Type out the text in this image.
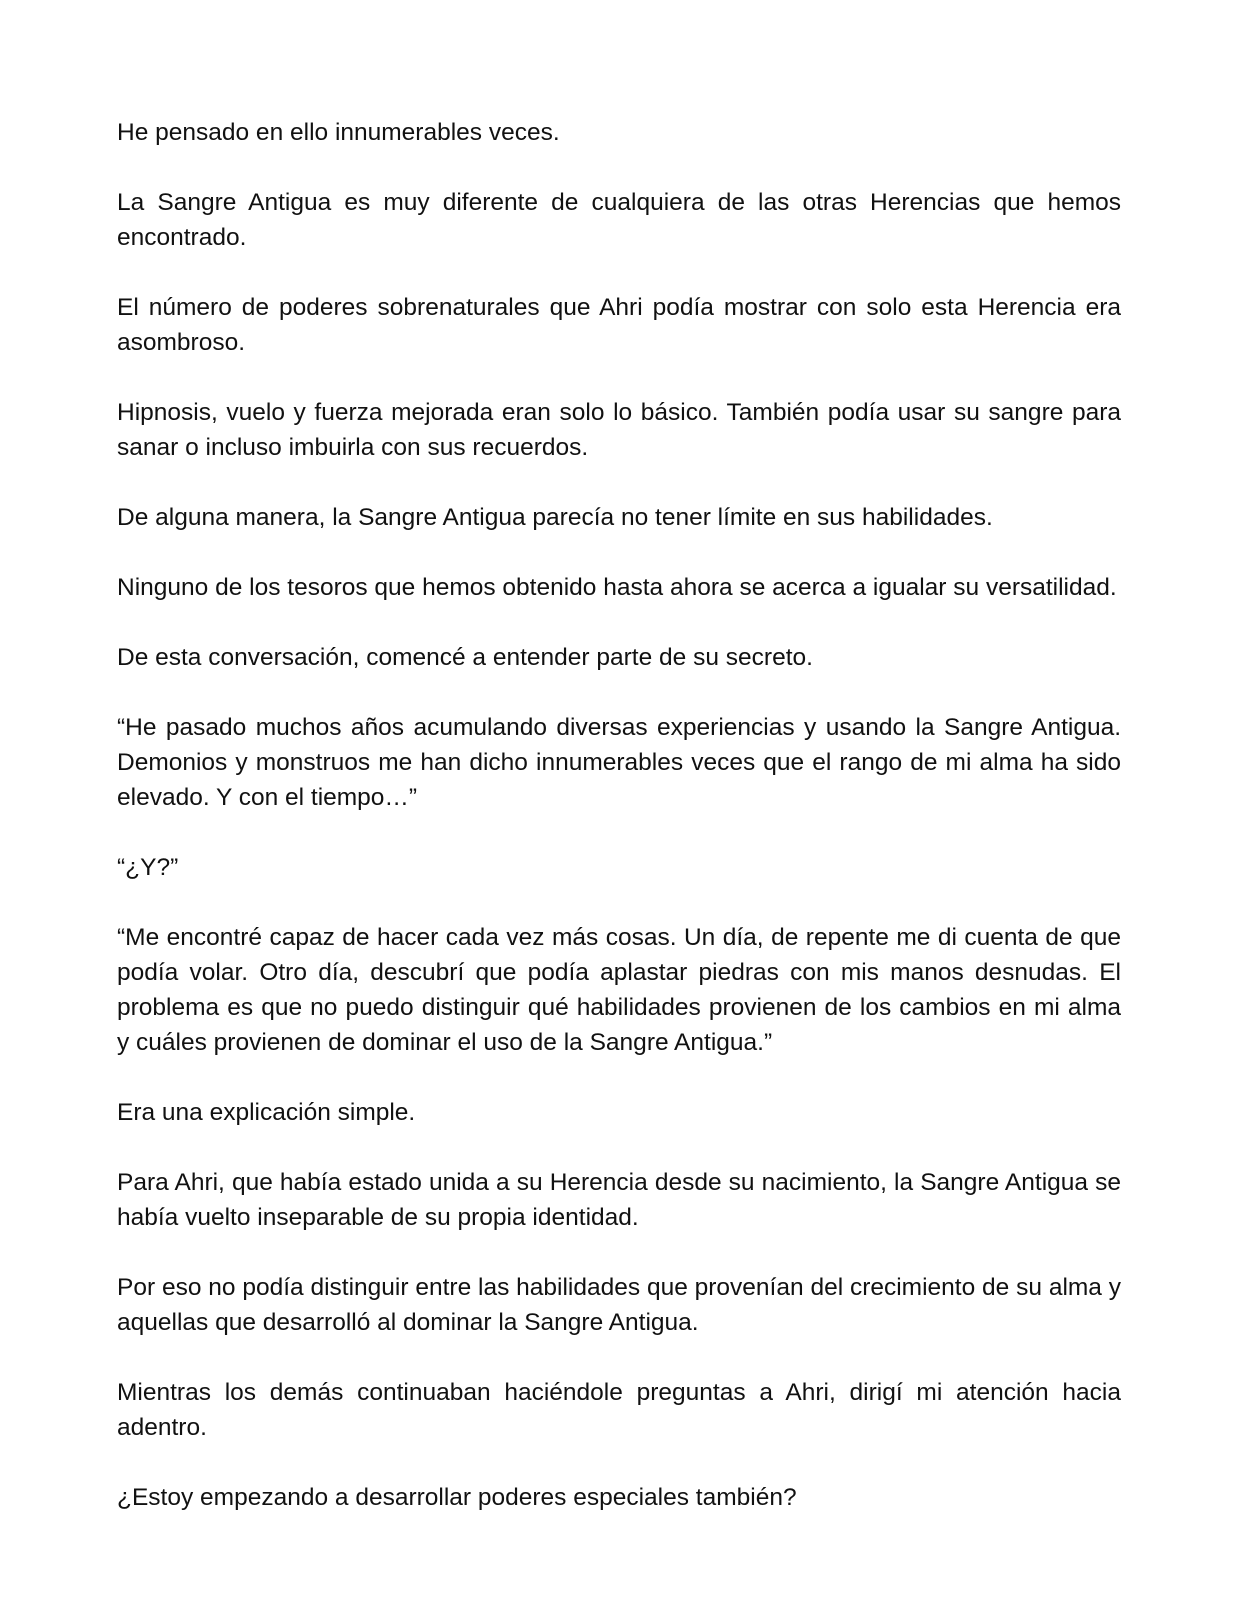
He pensado en ello innumerables veces.

La Sangre Antigua es muy diferente de cualquiera de las otras Herencias que hemos encontrado.

El número de poderes sobrenaturales que Ahri podía mostrar con solo esta Herencia era asombroso.

Hipnosis, vuelo y fuerza mejorada eran solo lo básico. También podía usar su sangre para sanar o incluso imbuirla con sus recuerdos.

De alguna manera, la Sangre Antigua parecía no tener límite en sus habilidades.

Ninguno de los tesoros que hemos obtenido hasta ahora se acerca a igualar su versatilidad.

De esta conversación, comencé a entender parte de su secreto.

“He pasado muchos años acumulando diversas experiencias y usando la Sangre Antigua. Demonios y monstruos me han dicho innumerables veces que el rango de mi alma ha sido elevado. Y con el tiempo…”

“¿Y?”

“Me encontré capaz de hacer cada vez más cosas. Un día, de repente me di cuenta de que podía volar. Otro día, descubrí que podía aplastar piedras con mis manos desnudas. El problema es que no puedo distinguir qué habilidades provienen de los cambios en mi alma y cuáles provienen de dominar el uso de la Sangre Antigua.”

Era una explicación simple.

Para Ahri, que había estado unida a su Herencia desde su nacimiento, la Sangre Antigua se había vuelto inseparable de su propia identidad.

Por eso no podía distinguir entre las habilidades que provenían del crecimiento de su alma y aquellas que desarrolló al dominar la Sangre Antigua.

Mientras los demás continuaban haciéndole preguntas a Ahri, dirigí mi atención hacia adentro.

¿Estoy empezando a desarrollar poderes especiales también?
